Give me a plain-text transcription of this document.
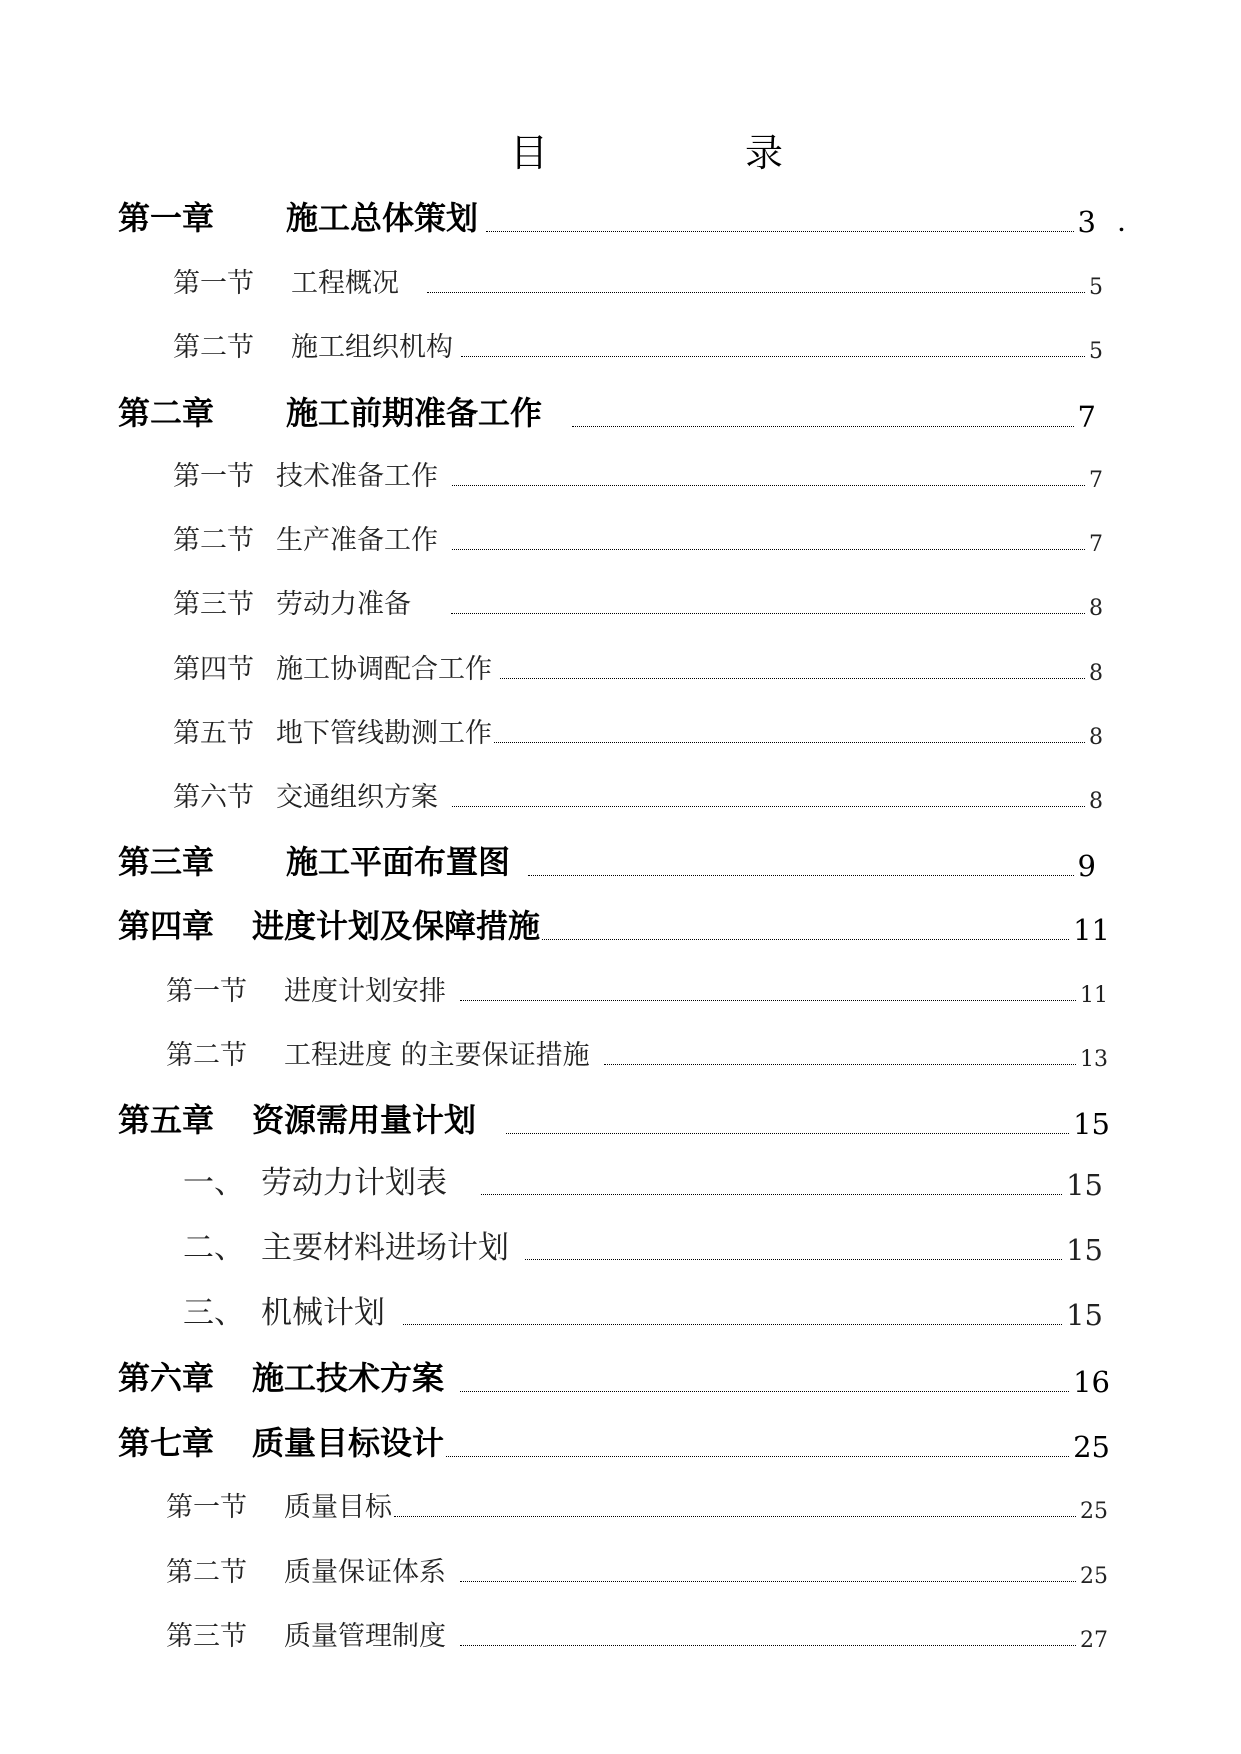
目	录
第一章	施工总体策划	3 .
第一节	工程概况	5
第二节	施工组织机构	5
第二章	施工前期准备工作	7
第一节 技术准备工作	7
第二节 生产准备工作	7
第三节 劳动力准备	8
第四节 施工协调配合工作	8
第五节 地下管线勘测工作	8
第六节 交通组织方案	8
第三章	施工平面布置图	9
第四章	进度计划及保障措施	11
第一节	进度计划安排	11
第二节	工程进度 的主要保证措施	13
第五章	资源需用量计划	15
一、 劳动力计划表	15
二、 主要材料进场计划	15
三、 机械计划	15
第六章	施工技术方案	16
第七章	质量目标设计	25
第一节	质量目标	25
第二节	质量保证体系	25
第三节	质量管理制度	27
